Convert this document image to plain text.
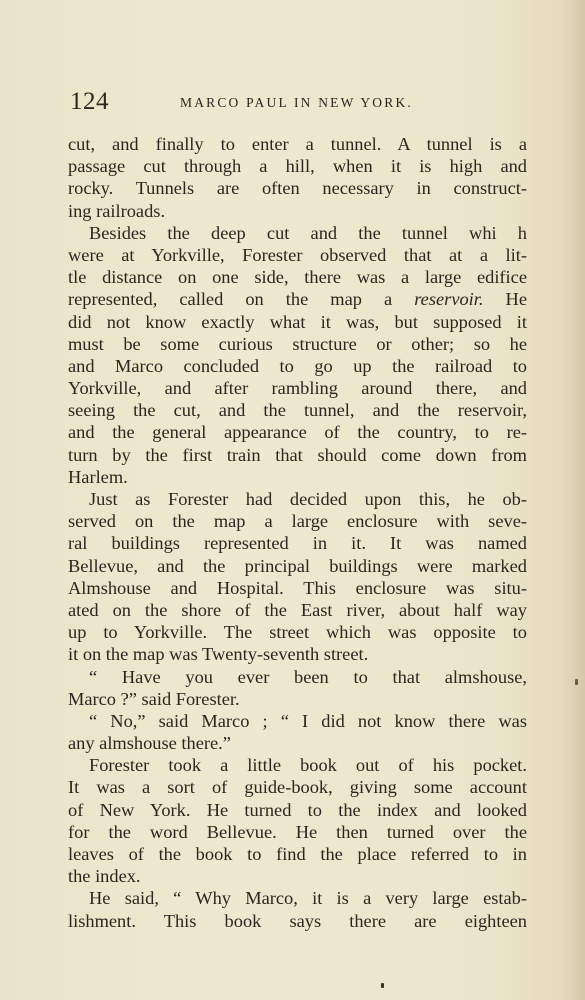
124	MARCO PAUL IN NEW YORK.
cut, and finally to enter a tunnel. A tunnel is a
passage cut through a hill, when it is high and
rocky. Tunnels are often necessary in construct-
ing railroads.
Besides the deep cut and the tunnel whi h
were at Yorkville, Forester observed that at a lit-
tle distance on one side, there was a large edifice
represented, called on the map a reservoir. He
did not know exactly what it was, but supposed it
must be some curious structure or other; so he
and Marco concluded to go up the railroad to
Yorkville, and after rambling around there, and
seeing the cut, and the tunnel, and the reservoir,
and the general appearance of the country, to re-
turn by the first train that should come down from
Harlem.
Just as Forester had decided upon this, he ob-
served on the map a large enclosure with seve-
ral buildings represented in it. It was named
Bellevue, and the principal buildings were marked
Almshouse and Hospital. This enclosure was situ-
ated on the shore of the East river, about half way
up to Yorkville. The street which was opposite to
it on the map was Twenty-seventh street.
“ Have you ever been to that almshouse,
Marco ?” said Forester.
“ No,” said Marco ; “ I did not know there was
any almshouse there.”
Forester took a little book out of his pocket.
It was a sort of guide-book, giving some account
of New York. He turned to the index and looked
for the word Bellevue. He then turned over the
leaves of the book to find the place referred to in
the index.
He said, “ Why Marco, it is a very large estab-
lishment. This book says there are eighteen
